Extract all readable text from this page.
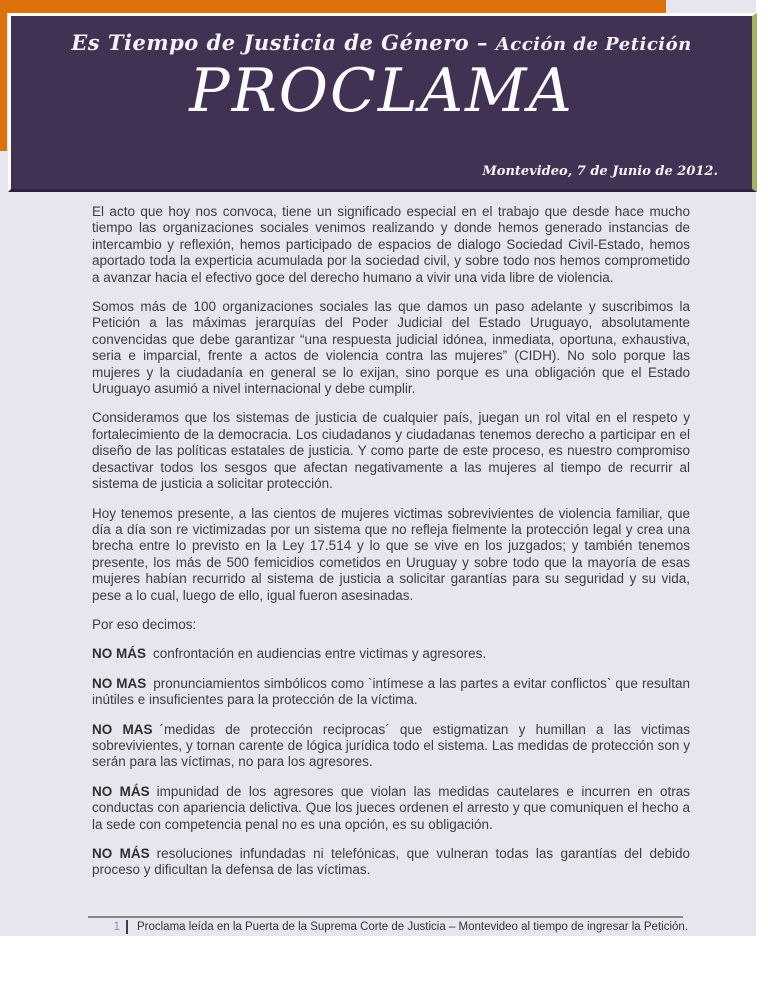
Es Tiempo de Justicia de Género – Acción de Petición
PROCLAMA
Montevideo, 7 de Junio de 2012.

El acto que hoy nos convoca, tiene un significado especial en el trabajo que desde hace mucho tiempo las organizaciones sociales venimos realizando y donde hemos generado instancias de intercambio y reflexión, hemos participado de espacios de dialogo Sociedad Civil-Estado, hemos aportado toda la experticia acumulada por la sociedad civil, y sobre todo nos hemos comprometido a avanzar hacia el efectivo goce del derecho humano a vivir una vida libre de violencia.

Somos más de 100 organizaciones sociales las que damos un paso adelante y suscribimos la Petición a las máximas jerarquías del Poder Judicial del Estado Uruguayo, absolutamente convencidas que debe garantizar “una respuesta judicial idónea, inmediata, oportuna, exhaustiva, seria e imparcial, frente a actos de violencia contra las mujeres” (CIDH). No solo porque las mujeres y la ciudadanía en general se lo exijan, sino porque es una obligación que el Estado Uruguayo asumió a nivel internacional y debe cumplir.

Consideramos que los sistemas de justicia de cualquier país, juegan un rol vital en el respeto y fortalecimiento de la democracia. Los ciudadanos y ciudadanas tenemos derecho a participar en el diseño de las políticas estatales de justicia. Y como parte de este proceso, es nuestro compromiso desactivar todos los sesgos que afectan negativamente a las mujeres al tiempo de recurrir al sistema de justicia a solicitar protección.

Hoy tenemos presente, a las cientos de mujeres victimas sobrevivientes de violencia familiar, que día a día son re victimizadas por un sistema que no refleja fielmente la protección legal y crea una brecha entre lo previsto en la Ley 17.514 y lo que se vive en los juzgados; y también tenemos presente, los más de 500 femicidios cometidos en Uruguay y sobre todo que la mayoría de esas mujeres habían recurrido al sistema de justicia a solicitar garantías para su seguridad y su vida, pese a lo cual, luego de ello, igual fueron asesinadas.

Por eso decimos:

NO MÁS confrontación en audiencias entre victimas y agresores.

NO MAS pronunciamientos simbólicos como `intímese a las partes a evitar conflictos` que resultan inútiles e insuficientes para la protección de la víctima.

NO MAS ´medidas de protección reciprocas´ que estigmatizan y humillan a las victimas sobrevivientes, y tornan carente de lógica jurídica todo el sistema. Las medidas de protección son y serán para las víctimas, no para los agresores.

NO MÁS impunidad de los agresores que violan las medidas cautelares e incurren en otras conductas con apariencia delictiva. Que los jueces ordenen el arresto y que comuniquen el hecho a la sede con competencia penal no es una opción, es su obligación.

NO MÁS resoluciones infundadas ni telefónicas, que vulneran todas las garantías del debido proceso y dificultan la defensa de las víctimas.

1	Proclama leída en la Puerta de la Suprema Corte de Justicia – Montevideo al tiempo de ingresar la Petición.
